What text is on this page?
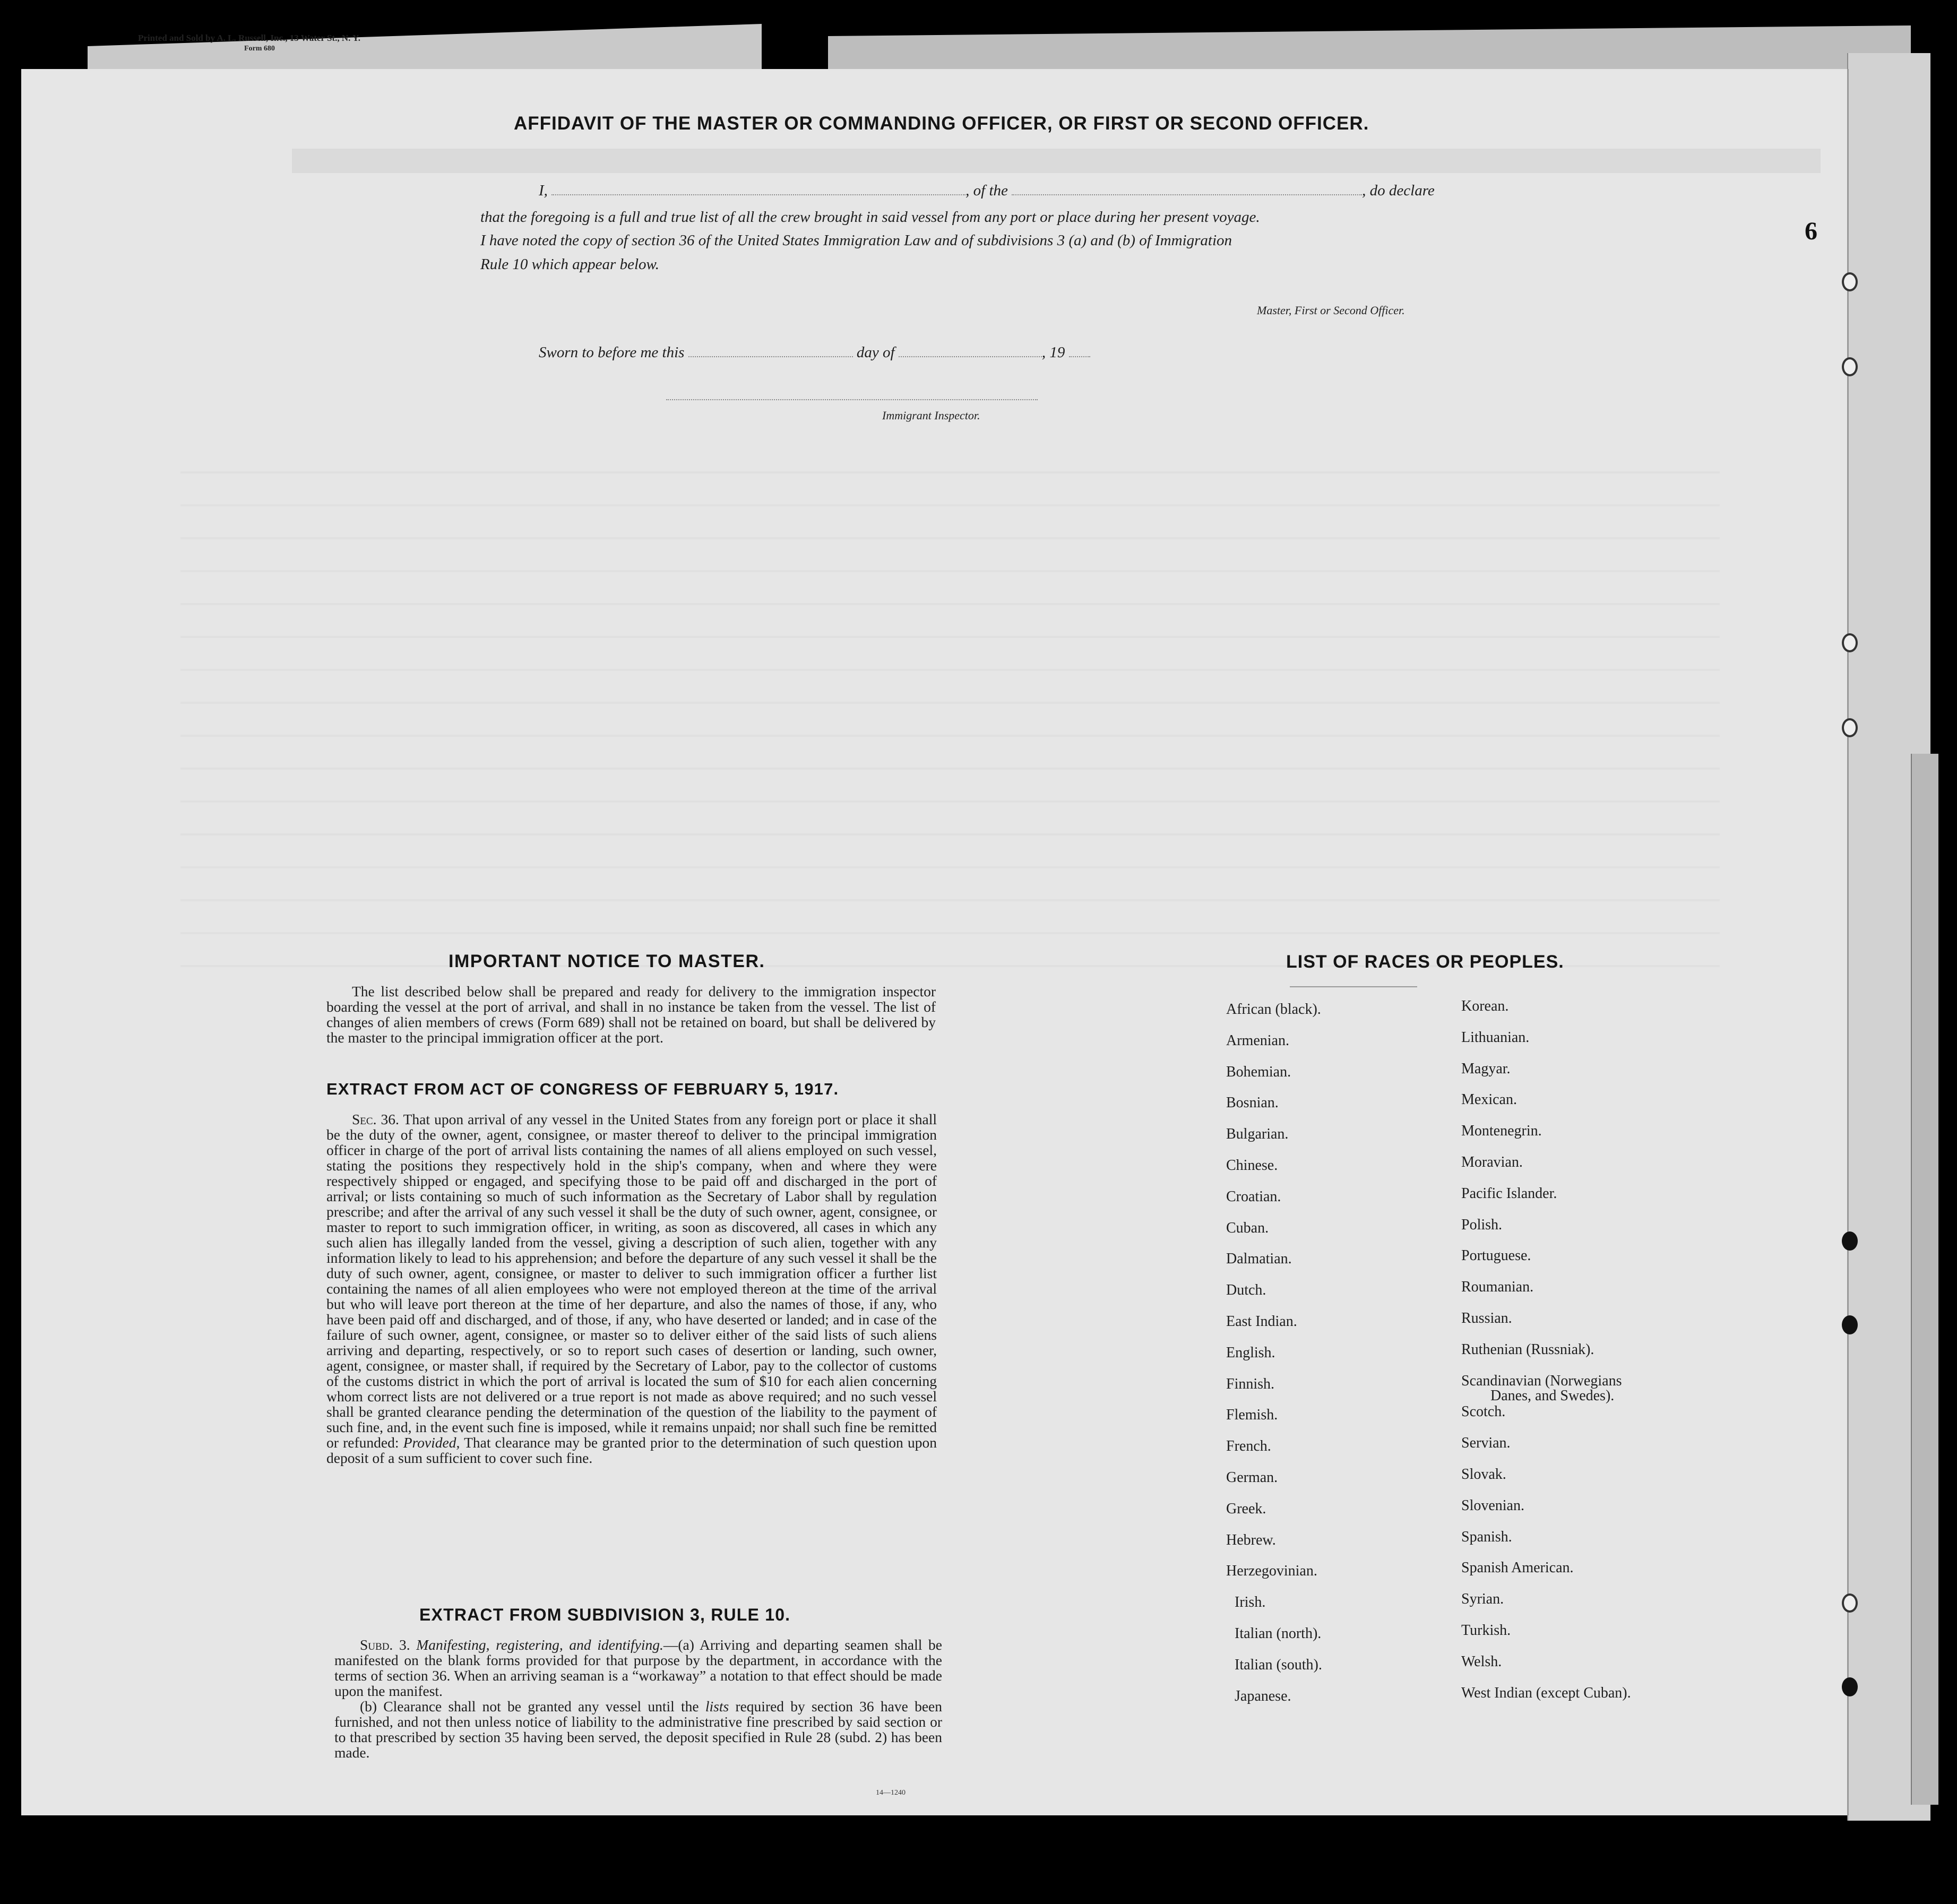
Printed and Sold by A. L. Russell, Inc., 13 Water St., N. Y.
Form 680
6
AFFIDAVIT OF THE MASTER OR COMMANDING OFFICER, OR FIRST OR SECOND OFFICER.
I,	, of the	, do declare
that the foregoing is a full and true list of all the crew brought in said vessel from any port or place during her present voyage.
I have noted the copy of section 36 of the United States Immigration Law and of subdivisions 3 (a) and (b) of Immigration
Rule 10 which appear below.
Master, First or Second Officer.
Sworn to before me this	day of	, 19
Immigrant Inspector.
IMPORTANT NOTICE TO MASTER.
The list described below shall be prepared and ready for delivery to the immigration inspector boarding the vessel at the port of arrival, and shall in no instance be taken from the vessel. The list of changes of alien members of crews (Form 689) shall not be retained on board, but shall be delivered by the master to the principal immigration officer at the port.
EXTRACT FROM ACT OF CONGRESS OF FEBRUARY 5, 1917.
Sec. 36. That upon arrival of any vessel in the United States from any foreign port or place it shall be the duty of the owner, agent, consignee, or master thereof to deliver to the principal immigration officer in charge of the port of arrival lists containing the names of all aliens employed on such vessel, stating the positions they respectively hold in the ship's company, when and where they were respectively shipped or engaged, and specifying those to be paid off and discharged in the port of arrival; or lists containing so much of such information as the Secretary of Labor shall by regulation prescribe; and after the arrival of any such vessel it shall be the duty of such owner, agent, consignee, or master to report to such immigration officer, in writing, as soon as discovered, all cases in which any such alien has illegally landed from the vessel, giving a description of such alien, together with any information likely to lead to his apprehension; and before the departure of any such vessel it shall be the duty of such owner, agent, consignee, or master to deliver to such immigration officer a further list containing the names of all alien employees who were not employed thereon at the time of the arrival but who will leave port thereon at the time of her departure, and also the names of those, if any, who have been paid off and discharged, and of those, if any, who have deserted or landed; and in case of the failure of such owner, agent, consignee, or master so to deliver either of the said lists of such aliens arriving and departing, respectively, or so to report such cases of desertion or landing, such owner, agent, consignee, or master shall, if required by the Secretary of Labor, pay to the collector of customs of the customs district in which the port of arrival is located the sum of $10 for each alien concerning whom correct lists are not delivered or a true report is not made as above required; and no such vessel shall be granted clearance pending the determination of the question of the liability to the payment of such fine, and, in the event such fine is imposed, while it remains unpaid; nor shall such fine be remitted or refunded: Provided, That clearance may be granted prior to the determination of such question upon deposit of a sum sufficient to cover such fine.
EXTRACT FROM SUBDIVISION 3, RULE 10.
Subd. 3. Manifesting, registering, and identifying.—(a) Arriving and departing seamen shall be manifested on the blank forms provided for that purpose by the department, in accordance with the terms of section 36. When an arriving seaman is a “workaway” a notation to that effect should be made upon the manifest.
(b) Clearance shall not be granted any vessel until the lists required by section 36 have been furnished, and not then unless notice of liability to the administrative fine prescribed by said section or to that prescribed by section 35 having been served, the deposit specified in Rule 28 (subd. 2) has been made.
14—1240
LIST OF RACES OR PEOPLES.
African (black).
Armenian.
Bohemian.
Bosnian.
Bulgarian.
Chinese.
Croatian.
Cuban.
Dalmatian.
Dutch.
East Indian.
English.
Finnish.
Flemish.
French.
German.
Greek.
Hebrew.
Herzegovinian.
Irish.
Italian (north).
Italian (south).
Japanese.
Korean.
Lithuanian.
Magyar.
Mexican.
Montenegrin.
Moravian.
Pacific Islander.
Polish.
Portuguese.
Roumanian.
Russian.
Ruthenian (Russniak).
Scandinavian (Norwegians
Danes, and Swedes).
Scotch.
Servian.
Slovak.
Slovenian.
Spanish.
Spanish American.
Syrian.
Turkish.
Welsh.
West Indian (except Cuban).
